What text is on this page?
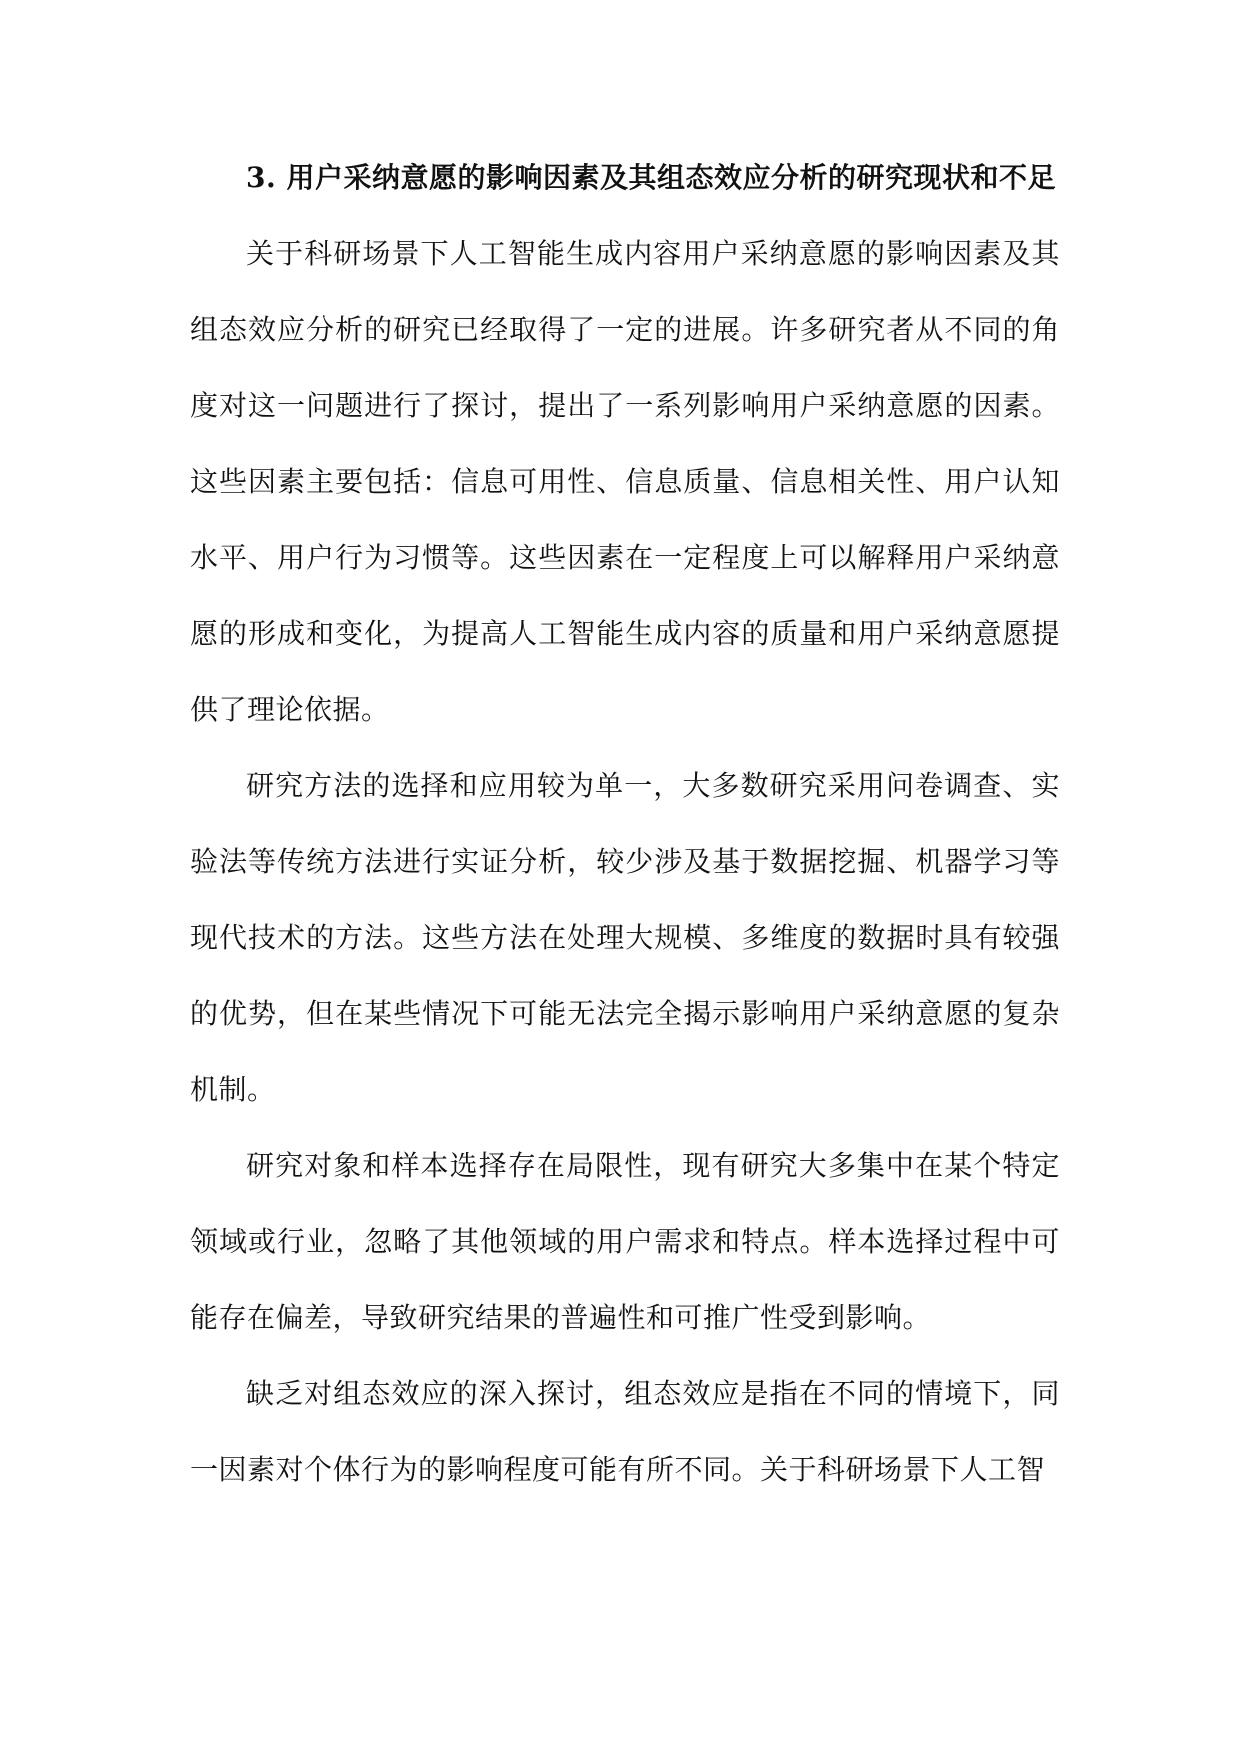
3. 用户采纳意愿的影响因素及其组态效应分析的研究现状和不足

关于科研场景下人工智能生成内容用户采纳意愿的影响因素及其组态效应分析的研究已经取得了一定的进展。许多研究者从不同的角度对这一问题进行了探讨，提出了一系列影响用户采纳意愿的因素。这些因素主要包括：信息可用性、信息质量、信息相关性、用户认知水平、用户行为习惯等。这些因素在一定程度上可以解释用户采纳意愿的形成和变化，为提高人工智能生成内容的质量和用户采纳意愿提供了理论依据。

研究方法的选择和应用较为单一，大多数研究采用问卷调查、实验法等传统方法进行实证分析，较少涉及基于数据挖掘、机器学习等现代技术的方法。这些方法在处理大规模、多维度的数据时具有较强的优势，但在某些情况下可能无法完全揭示影响用户采纳意愿的复杂机制。

研究对象和样本选择存在局限性，现有研究大多集中在某个特定领域或行业，忽略了其他领域的用户需求和特点。样本选择过程中可能存在偏差，导致研究结果的普遍性和可推广性受到影响。

缺乏对组态效应的深入探讨，组态效应是指在不同的情境下，同一因素对个体行为的影响程度可能有所不同。关于科研场景下人工智
